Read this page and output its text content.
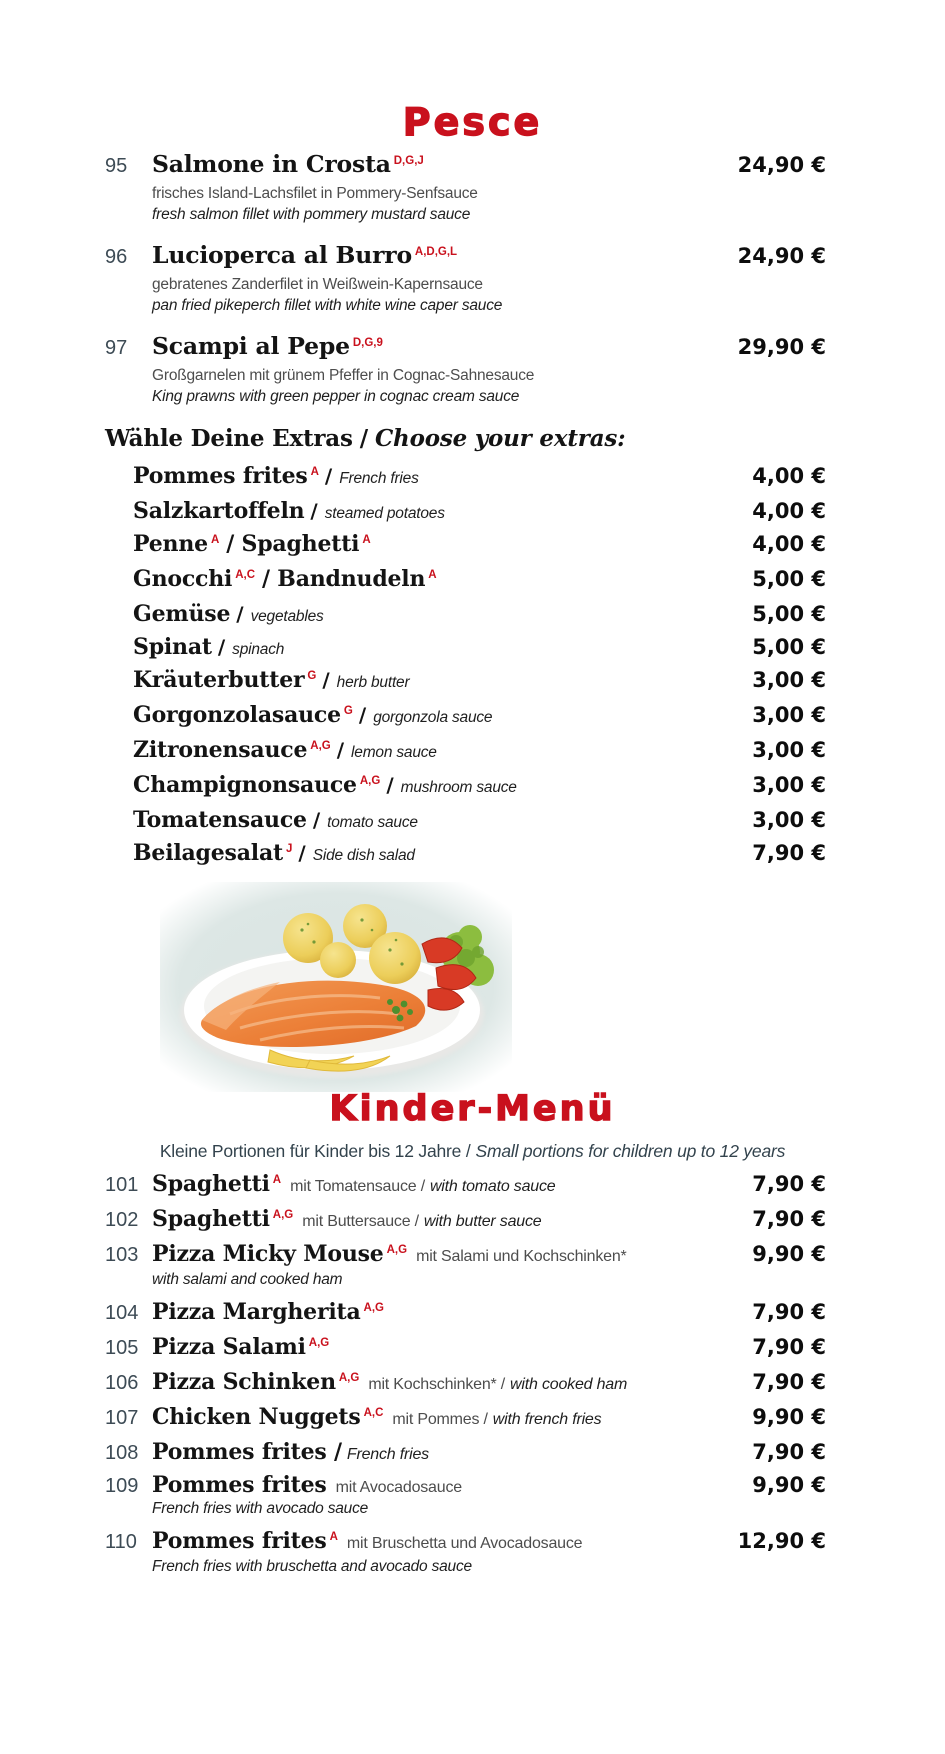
Pesce
95	Salmone in Crosta $^{D,G,J}$	24,90 €
frisches Island-Lachsfilet in Pommery-Senfsauce
fresh salmon fillet with pommery mustard sauce
96	Lucioperca al Burro $^{A,D,G,L}$	24,90 €
gebratenes Zanderfilet in Weißwein-Kapernsauce
pan fried pikeperch fillet with white wine caper sauce
97	Scampi al Pepe $^{D,G,9}$	29,90 €
Großgarnelen mit grünem Pfeffer in Cognac-Sahnesauce
King prawns with green pepper in cognac cream sauce
Wähle Deine Extras / Choose your extras:
Pommes frites $^A$ / French fries	4,00 €
Salzkartoffeln / steamed potatoes	4,00 €
Penne $^A$ / Spaghetti $^A$	4,00 €
Gnocchi $^{A,C}$ / Bandnudeln $^A$	5,00 €
Gemüse / vegetables	5,00 €
Spinat / spinach	5,00 €
Kräuterbutter $^G$ / herb butter	3,00 €
Gorgonzolasauce $^G$ / gorgonzola sauce	3,00 €
Zitronensauce $^{A,G}$ / lemon sauce	3,00 €
Champignonsauce $^{A,G}$ / mushroom sauce	3,00 €
Tomatensauce / tomato sauce	3,00 €
Beilagesalat $^J$ / Side dish salad	7,90 €
Kinder-Menü
Kleine Portionen für Kinder bis 12 Jahre / Small portions for children up to 12 years
101 Spaghetti $^A$ mit Tomatensauce / with tomato sauce	7,90 €
102 Spaghetti $^{A,G}$ mit Buttersauce / with butter sauce	7,90 €
103 Pizza Micky Mouse $^{A,G}$ mit Salami und Kochschinken*	9,90 €
with salami and cooked ham
104 Pizza Margherita $^{A,G}$	7,90 €
105 Pizza Salami $^{A,G}$	7,90 €
106 Pizza Schinken $^{A,G}$ mit Kochschinken* / with cooked ham	7,90 €
107 Chicken Nuggets $^{A,C}$ mit Pommes / with french fries	9,90 €
108 Pommes frites / French fries	7,90 €
109 Pommes frites mit Avocadosauce	9,90 €
French fries with avocado sauce
110 Pommes frites $^A$ mit Bruschetta und Avocadosauce	12,90 €
French fries with bruschetta and avocado sauce
